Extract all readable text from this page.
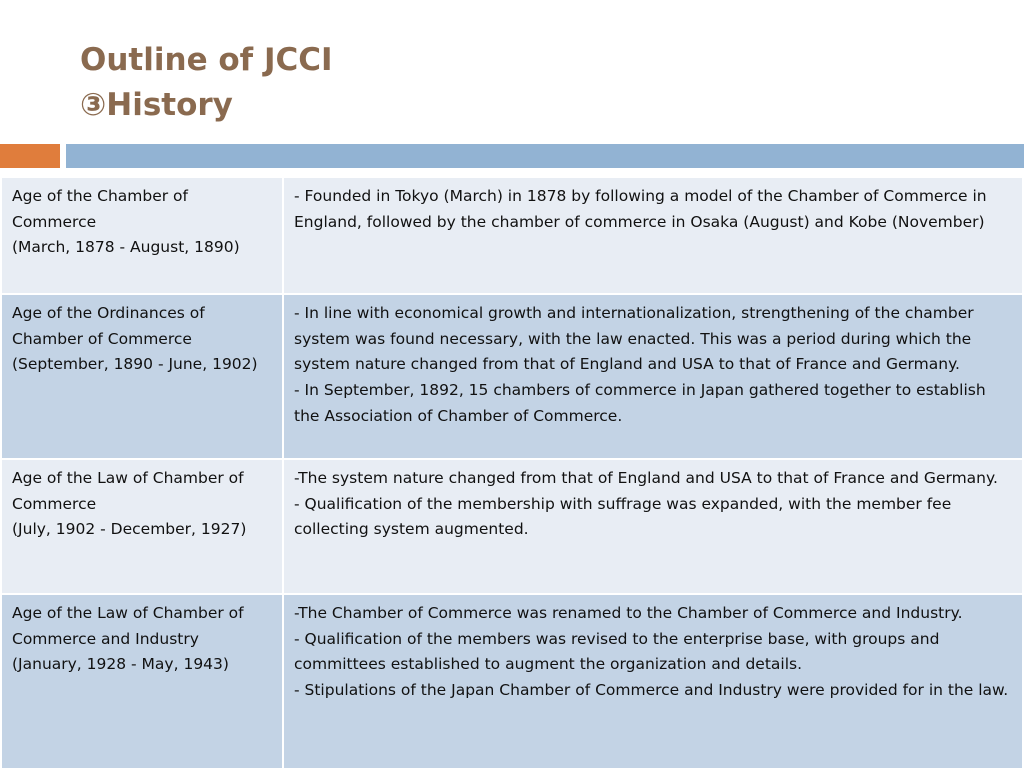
Outline of JCCI
③History
Age of the Chamber of Commerce
(March, 1878 - August, 1890)	- Founded in Tokyo (March) in 1878 by following a model of the Chamber of Commerce in England, followed by the chamber of commerce in Osaka (August) and Kobe (November)
Age of the Ordinances of Chamber of Commerce
(September, 1890 - June, 1902)	- In line with economical growth and internationalization, strengthening of the chamber system was found necessary, with the law enacted. This was a period during which the system nature changed from that of England and USA to that of France and Germany.
- In September, 1892, 15 chambers of commerce in Japan gathered together to establish the Association of Chamber of Commerce.
Age of the Law of Chamber of Commerce
(July, 1902 - December, 1927)	-The system nature changed from that of England and USA to that of France and Germany.
- Qualification of the membership with suffrage was expanded, with the member fee collecting system augmented.
Age of the Law of Chamber of Commerce and Industry
(January, 1928 - May, 1943)	-The Chamber of Commerce was renamed to the Chamber of Commerce and Industry.
- Qualification of the members was revised to the enterprise base, with groups and committees established to augment the organization and details.
- Stipulations of the Japan Chamber of Commerce and Industry were provided for in the law.
